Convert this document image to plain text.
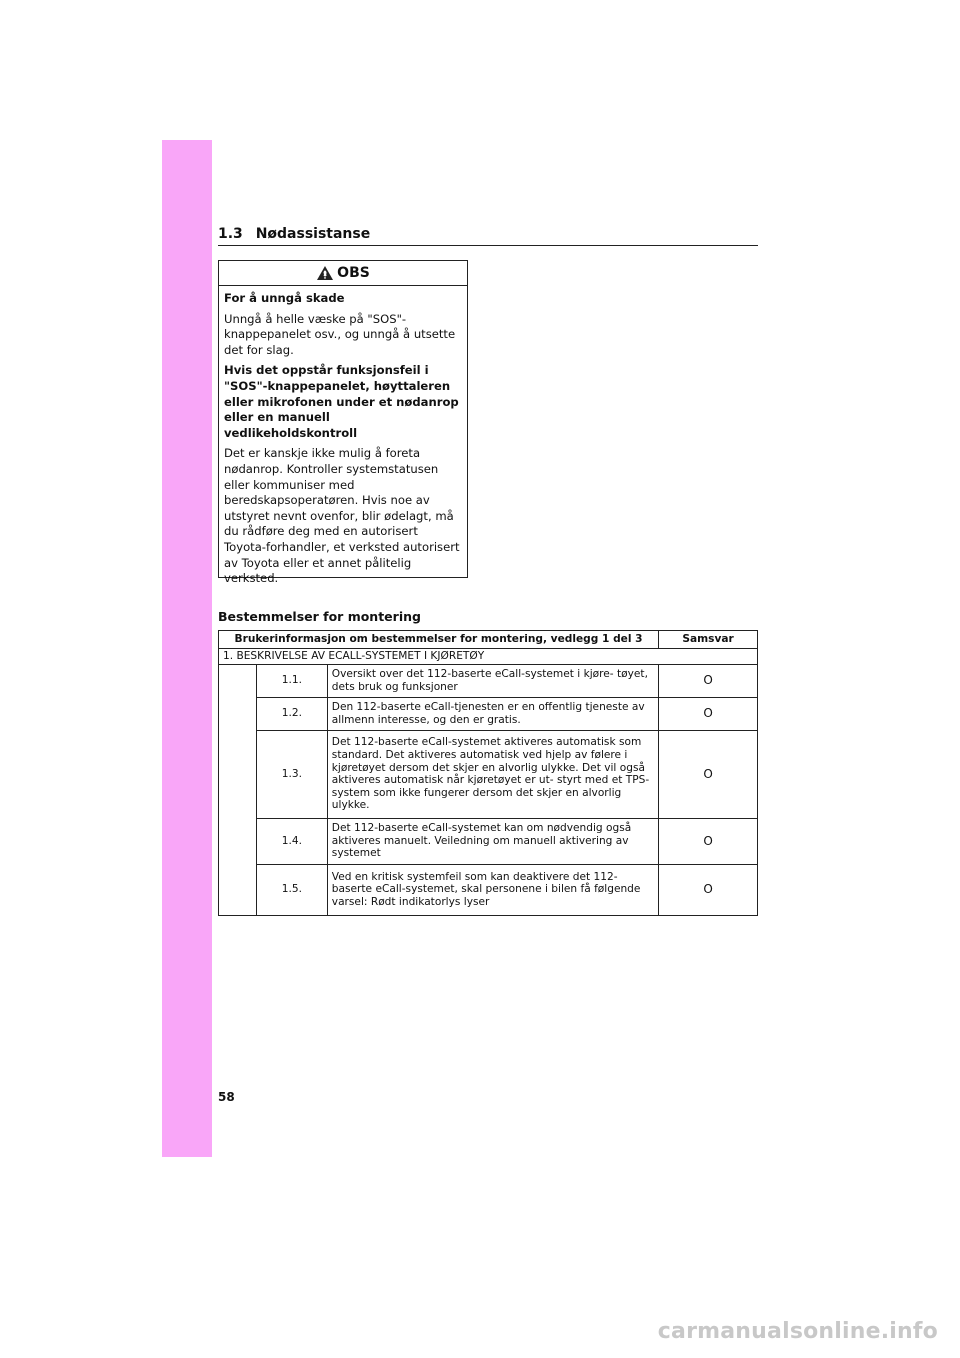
1.3 Nødassistanse
OBS

For å unngå skade

Unngå å helle væske på "SOS"-knappepanelet osv., og unngå å utsette det for slag.

Hvis det oppstår funksjonsfeil i "SOS"-knappepanelet, høyttaleren eller mikrofonen under et nødanrop eller en manuell vedlikeholdskontroll

Det er kanskje ikke mulig å foreta nødanrop. Kontroller systemstatusen eller kommuniser med beredskapsoperatøren. Hvis noe av utstyret nevnt ovenfor, blir ødelagt, må du rådføre deg med en autorisert Toyota-forhandler, et verksted autorisert av Toyota eller et annet pålitelig verksted.

Bestemmelser for montering
Brukerinformasjon om bestemmelser for montering, vedlegg 1 del 3			Samsvar
1. BESKRIVELSE AV ECALL-SYSTEMET I KJØRETØY			
	1.1.	Oversikt over det 112-baserte eCall-systemet i kjøre- tøyet, dets bruk og funksjoner	O
	1.2.	Den 112-baserte eCall-tjenesten er en offentlig tjeneste av allmenn interesse, og den er gratis.	O
	1.3.	Det 112-baserte eCall-systemet aktiveres automatisk som standard. Det aktiveres automatisk ved hjelp av følere i kjøretøyet dersom det skjer en alvorlig ulykke. Det vil også aktiveres automatisk når kjøretøyet er ut- styrt med et TPS-system som ikke fungerer dersom det skjer en alvorlig ulykke.	O
	1.4.	Det 112-baserte eCall-systemet kan om nødvendig også aktiveres manuelt. Veiledning om manuell aktivering av systemet	O
	1.5.	Ved en kritisk systemfeil som kan deaktivere det 112-baserte eCall-systemet, skal personene i bilen få følgende varsel: Rødt indikatorlys lyser	O
58
carmanualsonline.info
